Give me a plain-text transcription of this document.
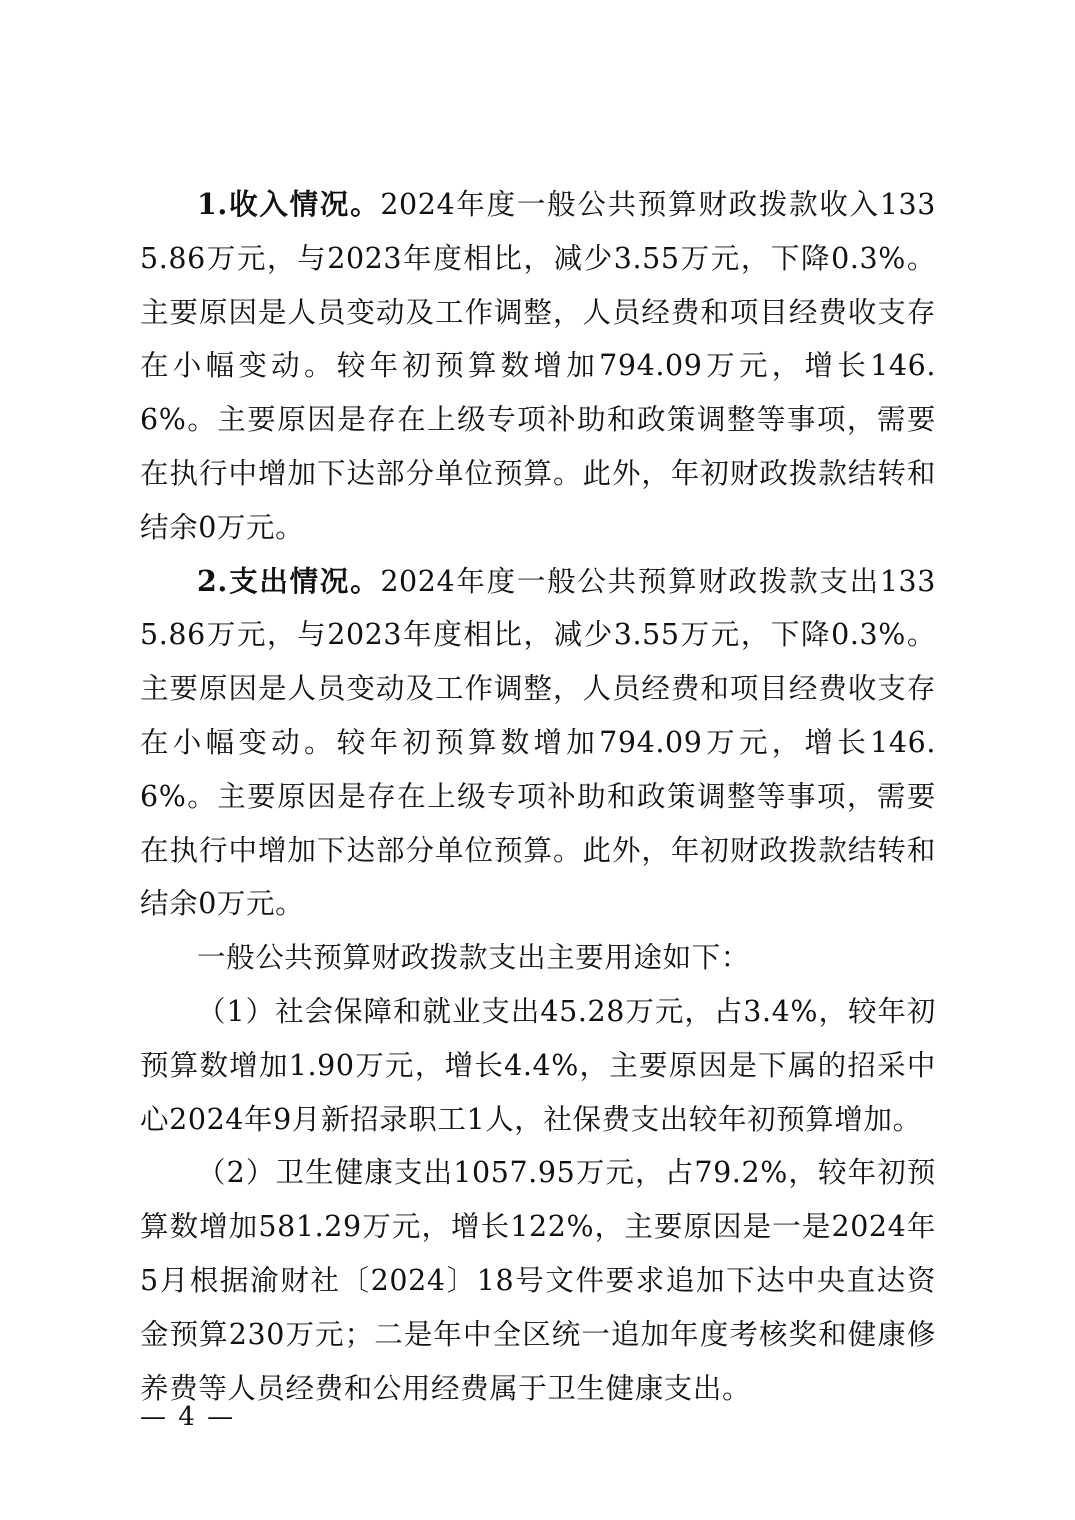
1.收入情况。2024年度一般公共预算财政拨款收入1335.86万元，与2023年度相比，减少3.55万元，下降0.3%。主要原因是人员变动及工作调整，人员经费和项目经费收支存在小幅变动。较年初预算数增加794.09万元，增长146.6%。主要原因是存在上级专项补助和政策调整等事项，需要在执行中增加下达部分单位预算。此外，年初财政拨款结转和结余0万元。

2.支出情况。2024年度一般公共预算财政拨款支出1335.86万元，与2023年度相比，减少3.55万元，下降0.3%。主要原因是人员变动及工作调整，人员经费和项目经费收支存在小幅变动。较年初预算数增加794.09万元，增长146.6%。主要原因是存在上级专项补助和政策调整等事项，需要在执行中增加下达部分单位预算。此外，年初财政拨款结转和结余0万元。

一般公共预算财政拨款支出主要用途如下：

（1）社会保障和就业支出45.28万元，占3.4%，较年初预算数增加1.90万元，增长4.4%，主要原因是下属的招采中心2024年9月新招录职工1人，社保费支出较年初预算增加。

（2）卫生健康支出1057.95万元，占79.2%，较年初预算数增加581.29万元，增长122%，主要原因是一是2024年5月根据渝财社〔2024〕18号文件要求追加下达中央直达资金预算230万元；二是年中全区统一追加年度考核奖和健康修养费等人员经费和公用经费属于卫生健康支出。

— 4 —
